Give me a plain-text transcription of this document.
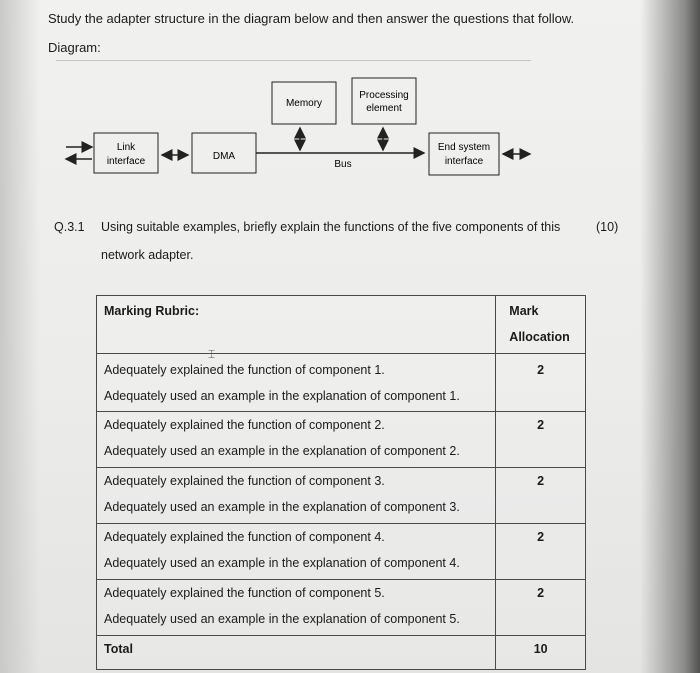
Study the adapter structure in the diagram below and then answer the questions that follow.
Diagram:
Link
interface	DMA
Bus
Memory
Processing
element
End system
interface
Q.3.1 Using suitable examples, briefly explain the functions of the five components of this
network adapter.
(10)
Marking Rubric:	Mark
Allocation

Adequately explained the function of component 1.
Adequately used an example in the explanation of component 1.	2

Adequately explained the function of component 2.
Adequately used an example in the explanation of component 2.	2

Adequately explained the function of component 3.
Adequately used an example in the explanation of component 3.	2

Adequately explained the function of component 4.
Adequately used an example in the explanation of component 4.	2

Adequately explained the function of component 5.
Adequately used an example in the explanation of component 5.	2

Total	10
⌶
